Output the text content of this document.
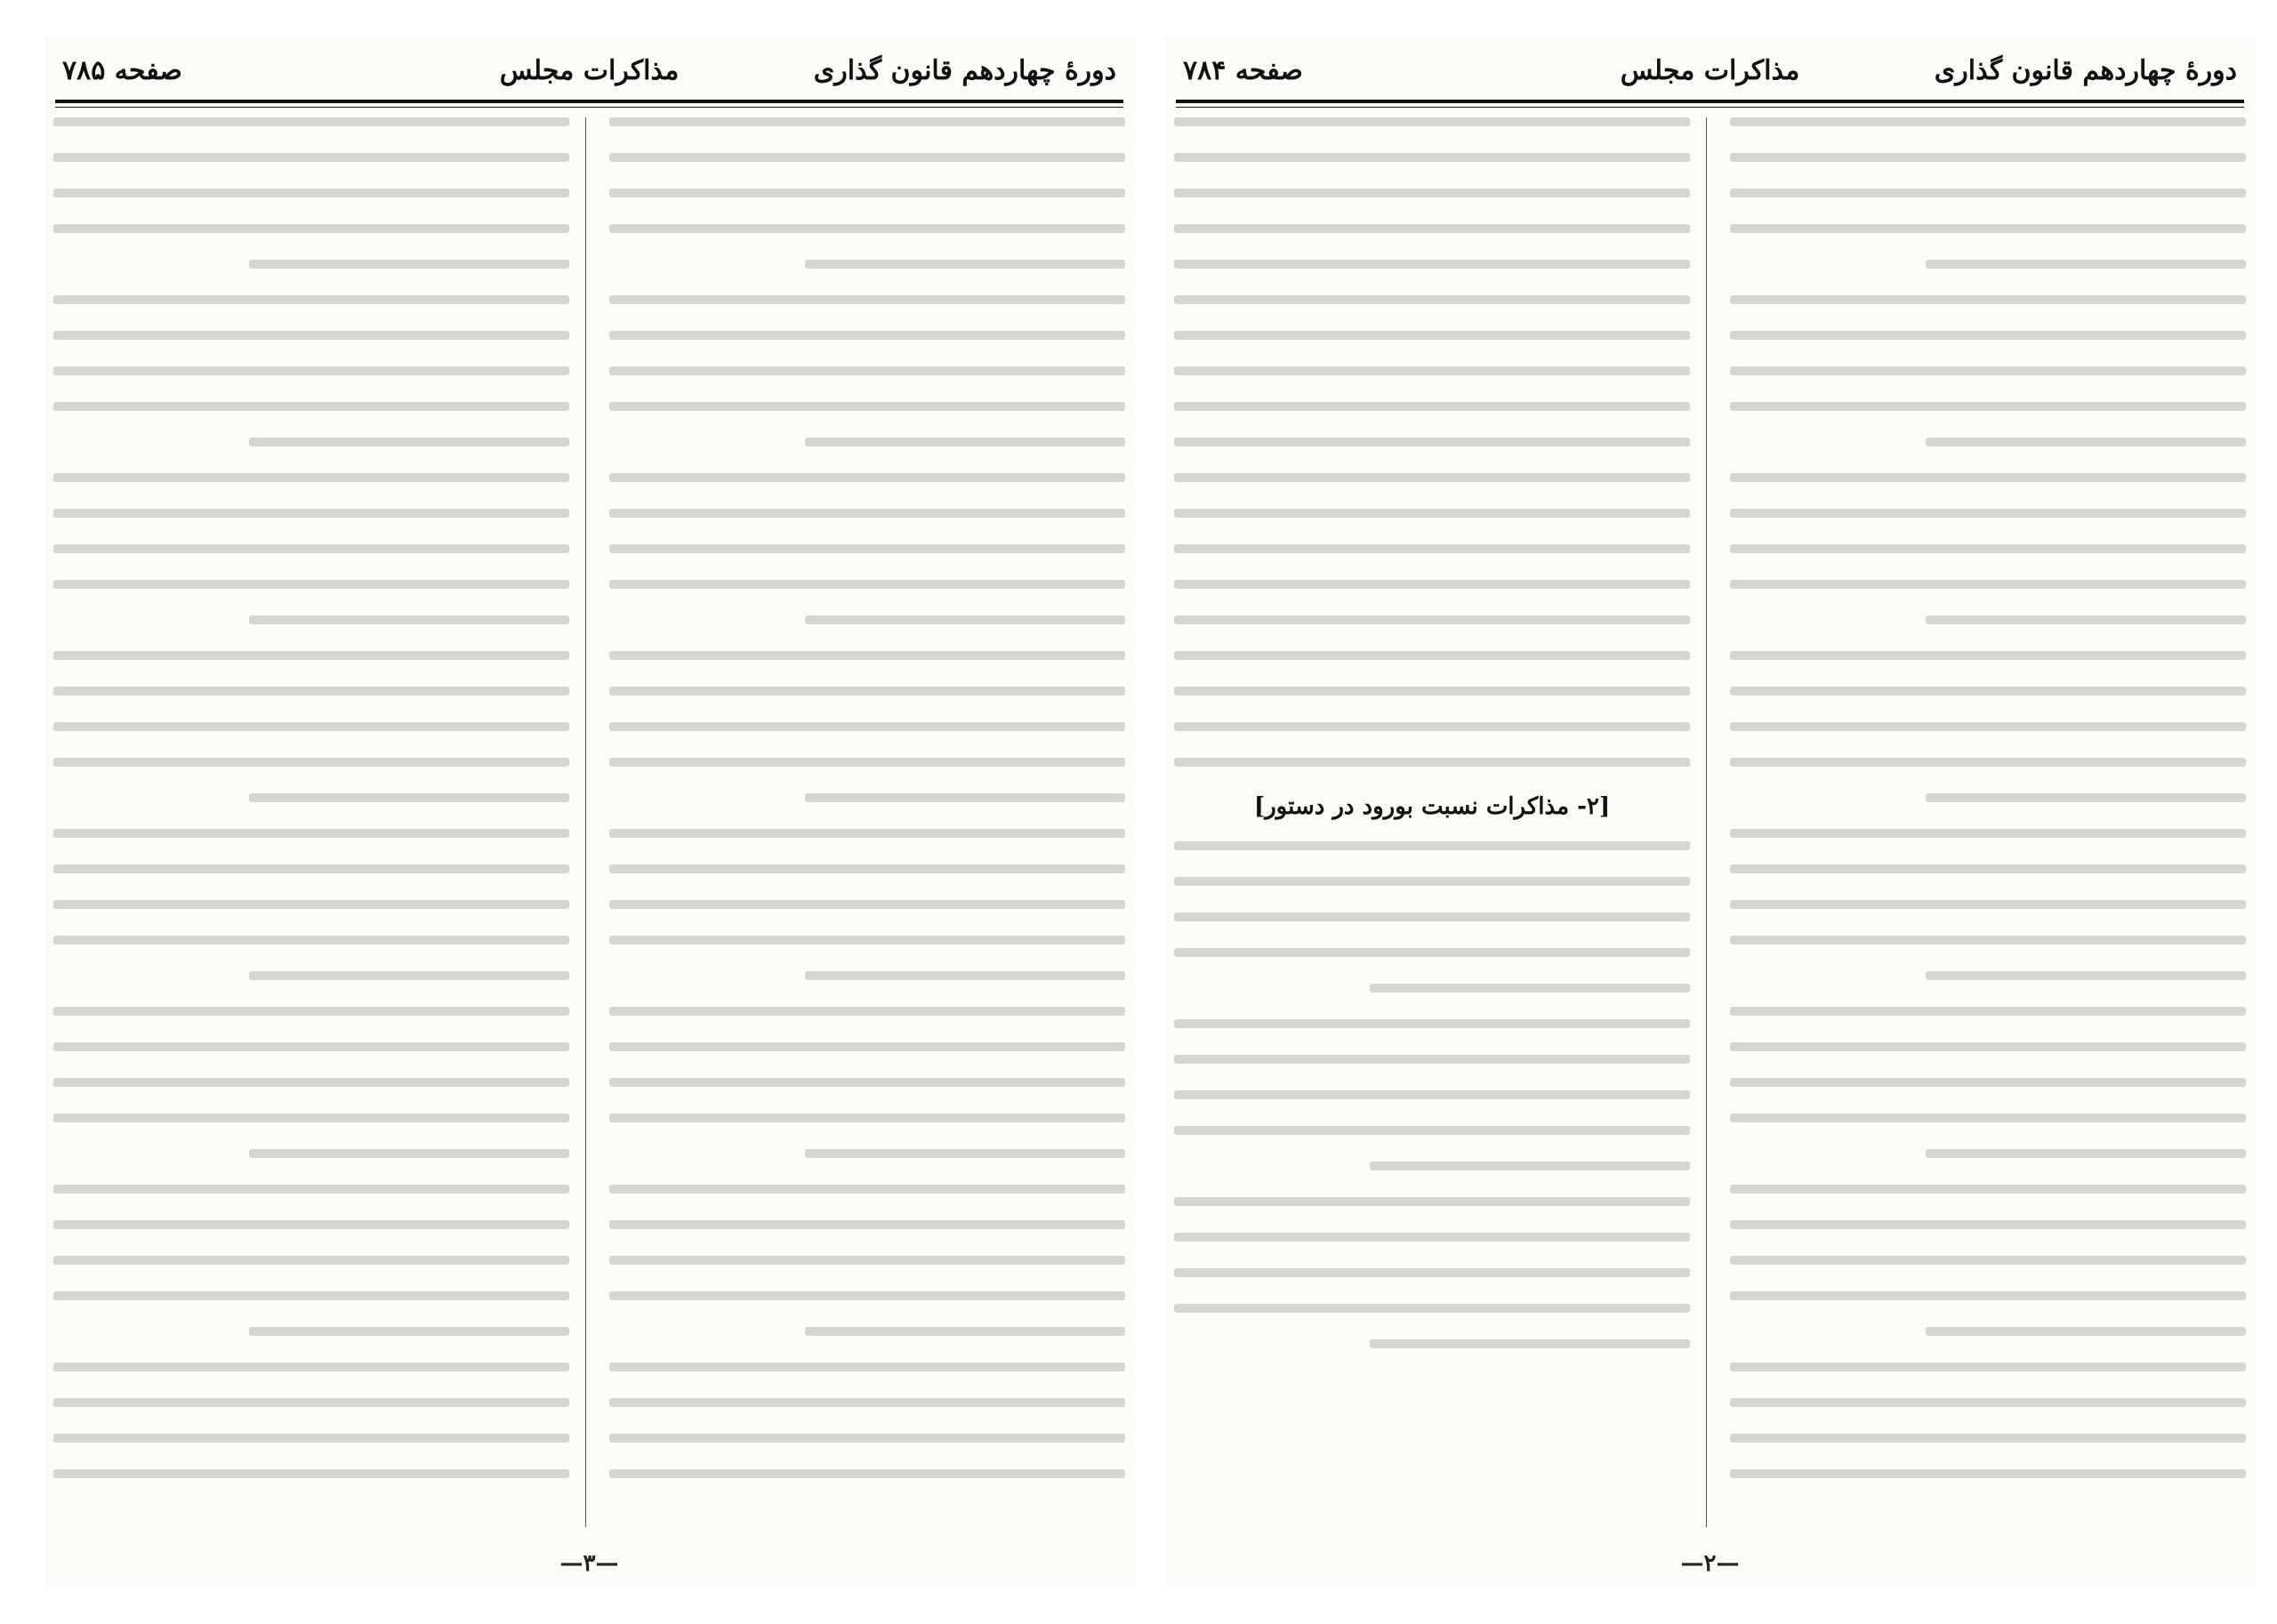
دورهٔ چهاردهم قانون گذاری
مذاکرات مجلس
صفحه ۷۸۵
—۳—
دورهٔ چهاردهم قانون گذاری
مذاکرات مجلس
صفحه ۷۸۴
[۲- مذاکرات نسبت بورود در دستور]
—۲—
